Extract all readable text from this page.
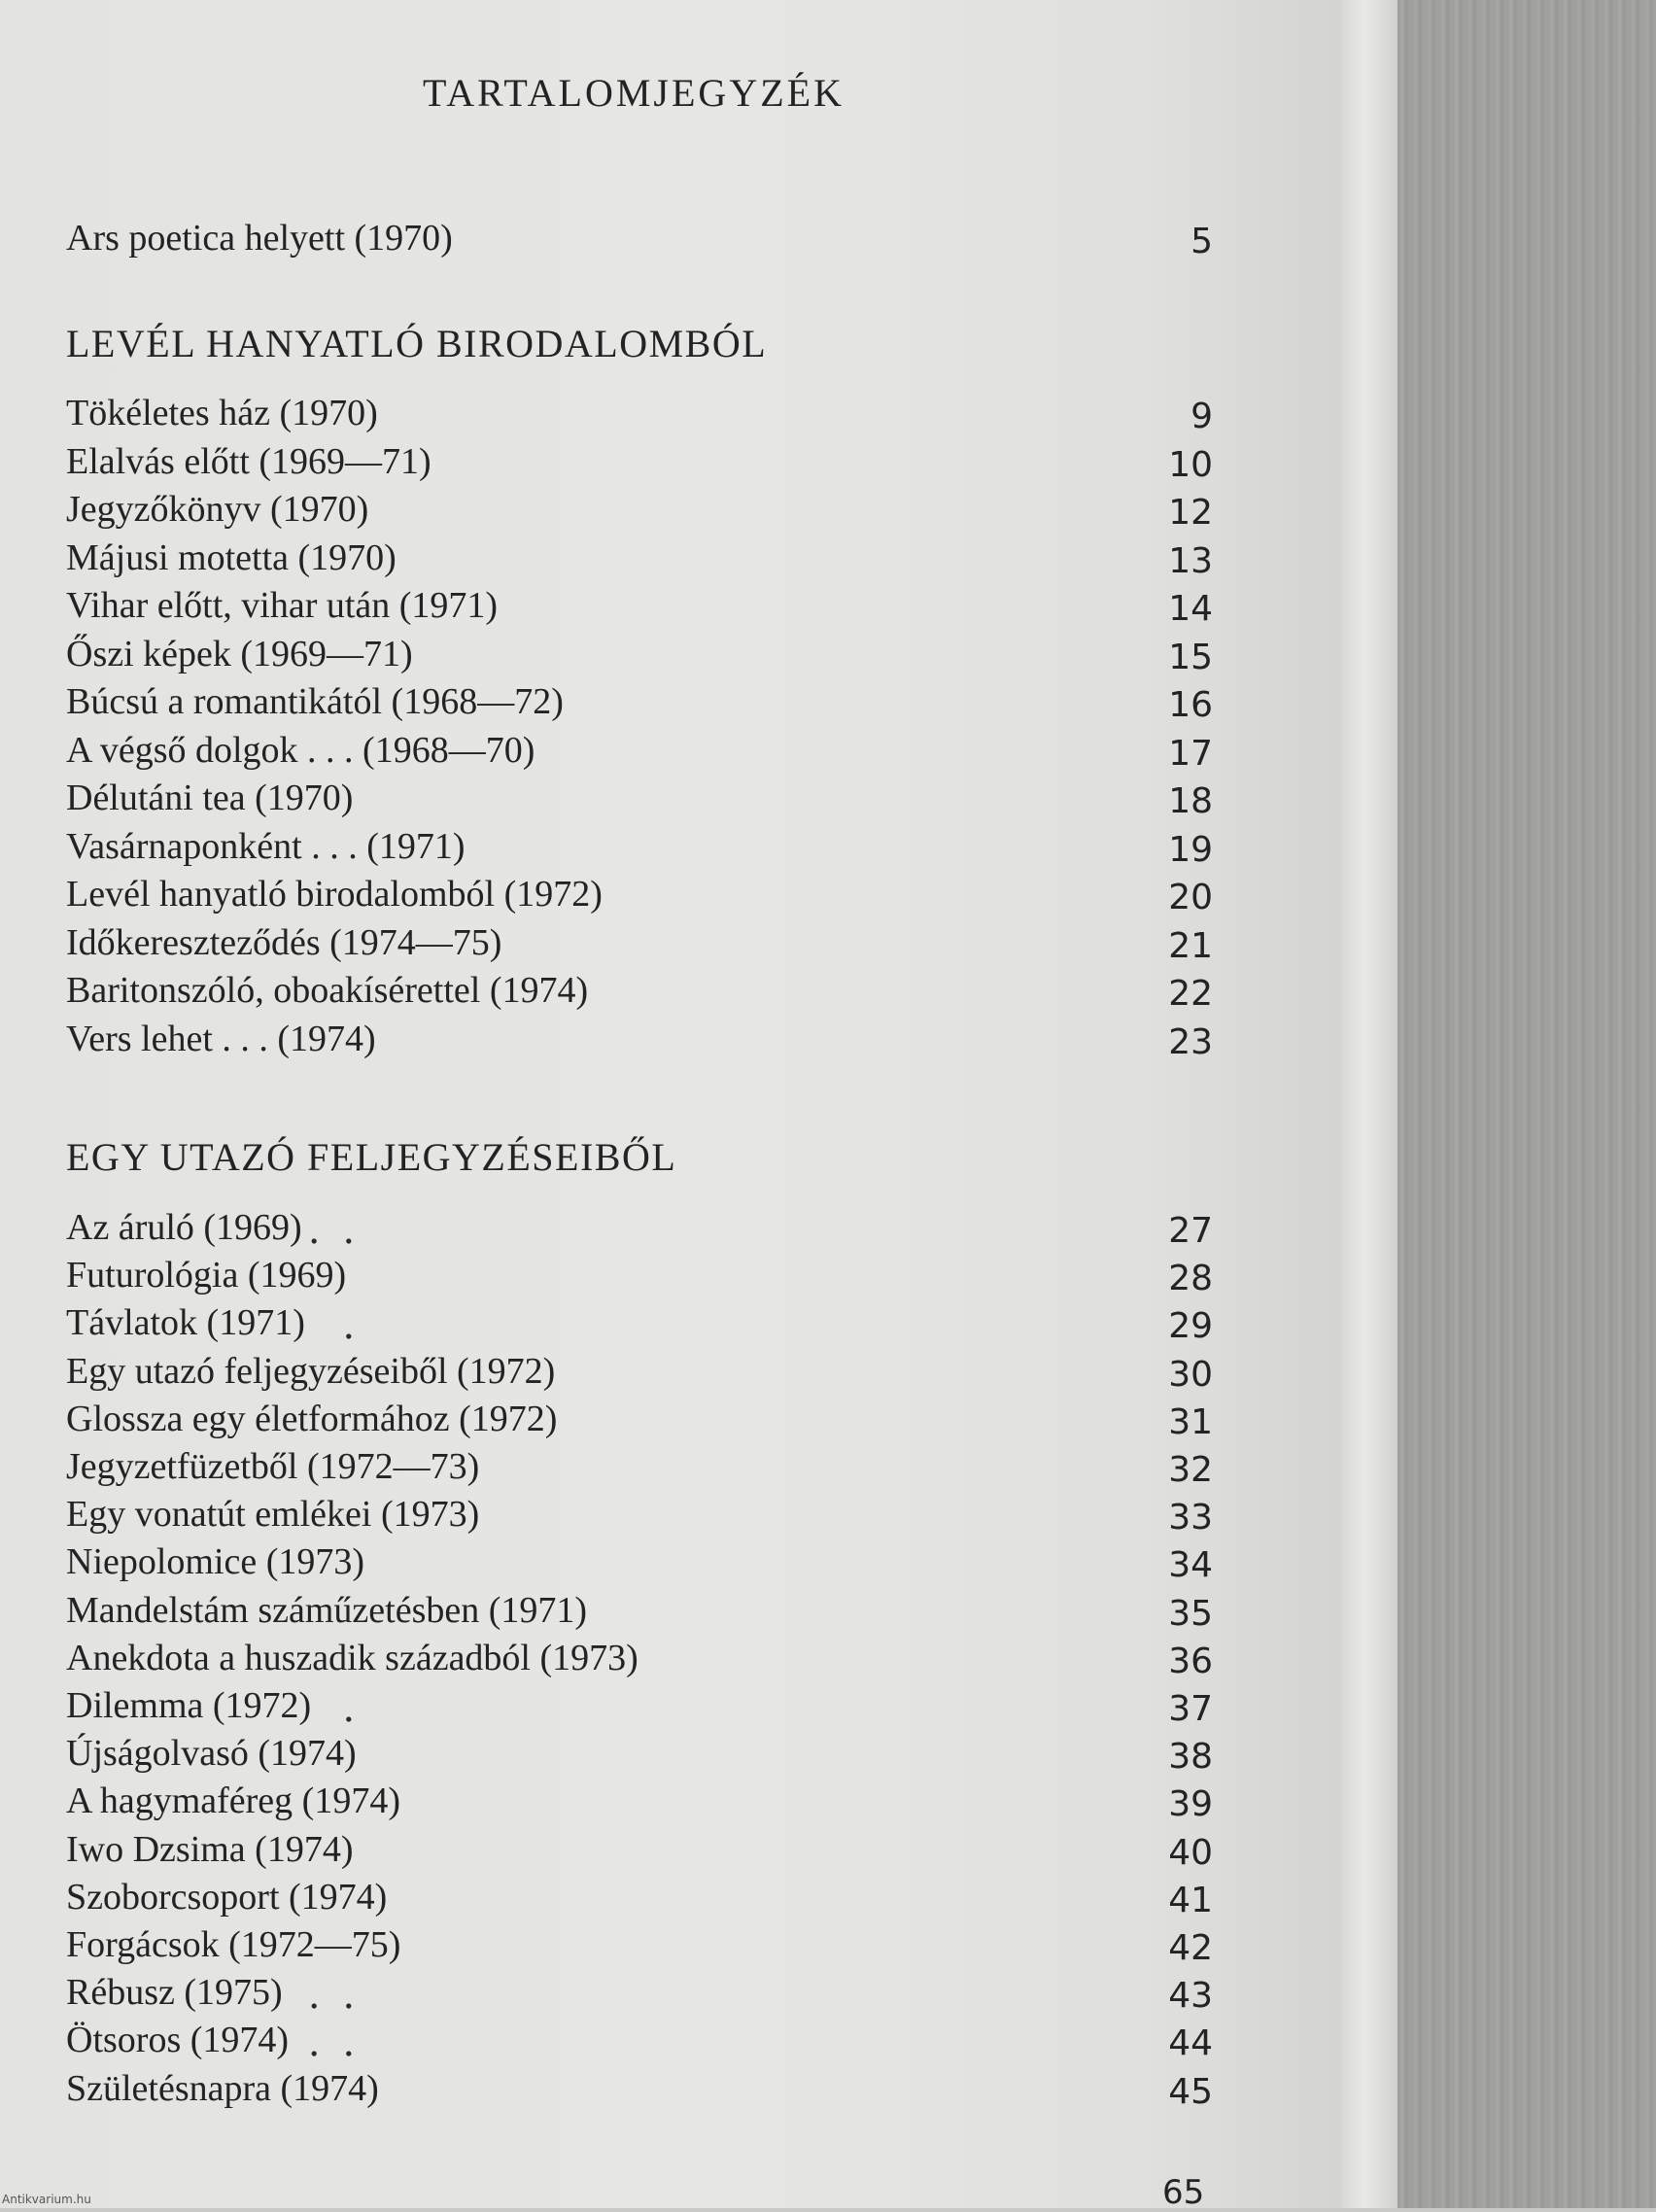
TARTALOMJEGYZÉK
Ars poetica helyett (1970)	5
LEVÉL HANYATLÓ BIRODALOMBÓL
Tökéletes ház (1970)	9
Elalvás előtt (1969—71)	10
Jegyzőkönyv (1970)	12
Májusi motetta (1970)	13
Vihar előtt, vihar után (1971)	14
Őszi képek (1969—71)	15
Búcsú a romantikától (1968—72)	16
A végső dolgok . . . (1968—70)	17
Délutáni tea (1970)	18
Vasárnaponként . . . (1971)	19
Levél hanyatló birodalomból (1972)	20
Időkereszteződés (1974—75)	21
Baritonszóló, oboakísérettel (1974)	22
Vers lehet . . . (1974)	23
EGY UTAZÓ FELJEGYZÉSEIBŐL
Az áruló (1969)	27
Futurológia (1969)	28
Távlatok (1971)	29
Egy utazó feljegyzéseiből (1972)	30
Glossza egy életformához (1972)	31
Jegyzetfüzetből (1972—73)	32
Egy vonatút emlékei (1973)	33
Niepolomice (1973)	34
Mandelstám száműzetésben (1971)	35
Anekdota a huszadik századból (1973)	36
Dilemma (1972)	37
Újságolvasó (1974)	38
A hagymaféreg (1974)	39
Iwo Dzsima (1974)	40
Szoborcsoport (1974)	41
Forgácsok (1972—75)	42
Rébusz (1975)	43
Ötsoros (1974)	44
Születésnapra (1974)	45
65
Antikvarium.hu
